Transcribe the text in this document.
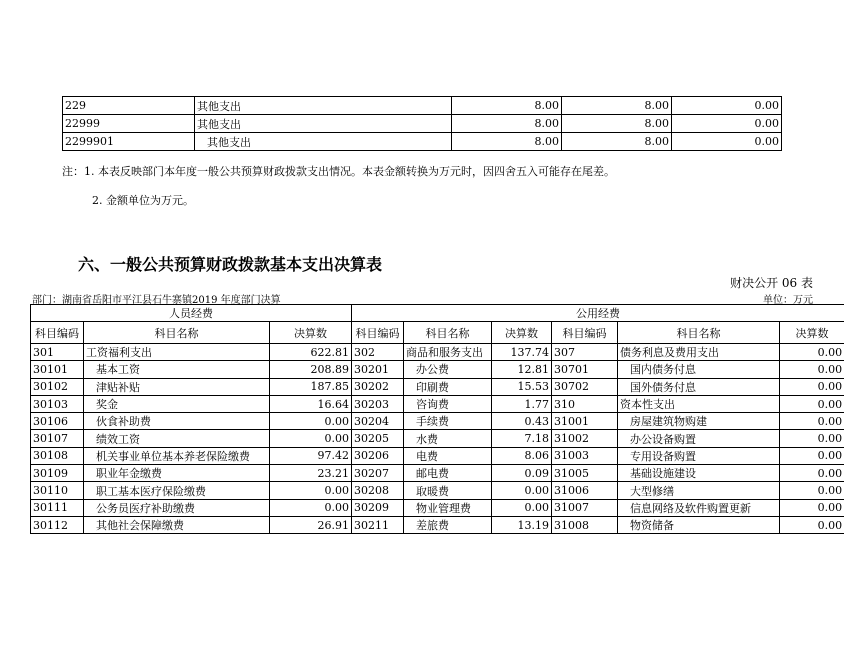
229	其他支出	8.00	8.00	0.00
22999	其他支出	8.00	8.00	0.00
2299901	其他支出	8.00	8.00	0.00
注：1. 本表反映部门本年度一般公共预算财政拨款支出情况。本表金额转换为万元时，因四舍五入可能存在尾差。
2. 金额单位为万元。
六、一般公共预算财政拨款基本支出决算表
财决公开 06 表
部门：湖南省岳阳市平江县石牛寨镇2019 年度部门决算	单位：万元
人员经费			公用经费					
科目编码	科目名称	决算数	科目编码	科目名称	决算数	科目编码	科目名称	决算数
301	工资福利支出	622.81	302	商品和服务支出	137.74	307	债务利息及费用支出	0.00
30101	基本工资	208.89	30201	办公费	12.81	30701	国内债务付息	0.00
30102	津贴补贴	187.85	30202	印刷费	15.53	30702	国外债务付息	0.00
30103	奖金	16.64	30203	咨询费	1.77	310	资本性支出	0.00
30106	伙食补助费	0.00	30204	手续费	0.43	31001	房屋建筑物购建	0.00
30107	绩效工资	0.00	30205	水费	7.18	31002	办公设备购置	0.00
30108	机关事业单位基本养老保险缴费	97.42	30206	电费	8.06	31003	专用设备购置	0.00
30109	职业年金缴费	23.21	30207	邮电费	0.09	31005	基础设施建设	0.00
30110	职工基本医疗保险缴费	0.00	30208	取暖费	0.00	31006	大型修缮	0.00
30111	公务员医疗补助缴费	0.00	30209	物业管理费	0.00	31007	信息网络及软件购置更新	0.00
30112	其他社会保障缴费	26.91	30211	差旅费	13.19	31008	物资储备	0.00
